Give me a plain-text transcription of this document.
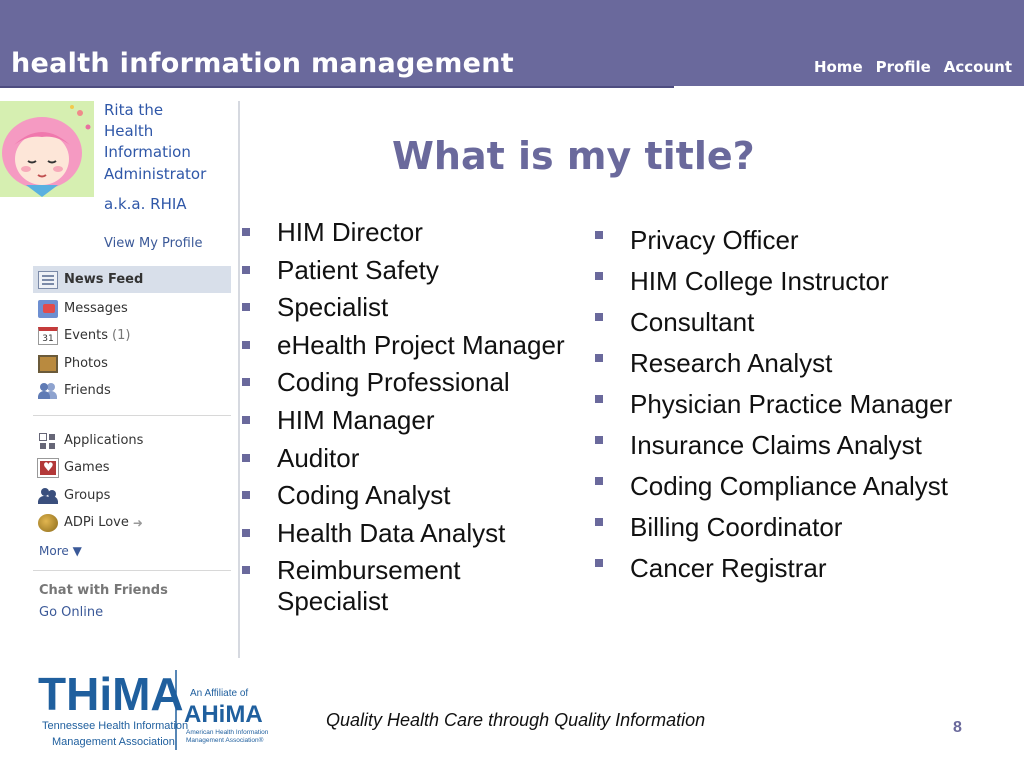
health information management	Home Profile Account
Rita the
Health
Information
Administrator
a.k.a. RHIA
View My Profile
News Feed
Messages
31 Events (1)
Photos
Friends
Applications
♥
Games
Groups
ADPi Love ➜
More ▼
Chat with Friends
Go Online
What is my title?
HIM Director
Patient Safety
Specialist
eHealth Project Manager
Coding Professional
HIM Manager
Auditor
Coding Analyst
Health Data Analyst
Reimbursement Specialist
Privacy Officer
HIM College Instructor
Consultant
Research Analyst
Physician Practice Manager
Insurance Claims Analyst
Coding Compliance Analyst
Billing Coordinator
Cancer Registrar
THiMA
Tennessee Health Information
Management Association
An Affiliate of
AHiMA
American Health Information
Management Association®
Quality Health Care through Quality Information	8
